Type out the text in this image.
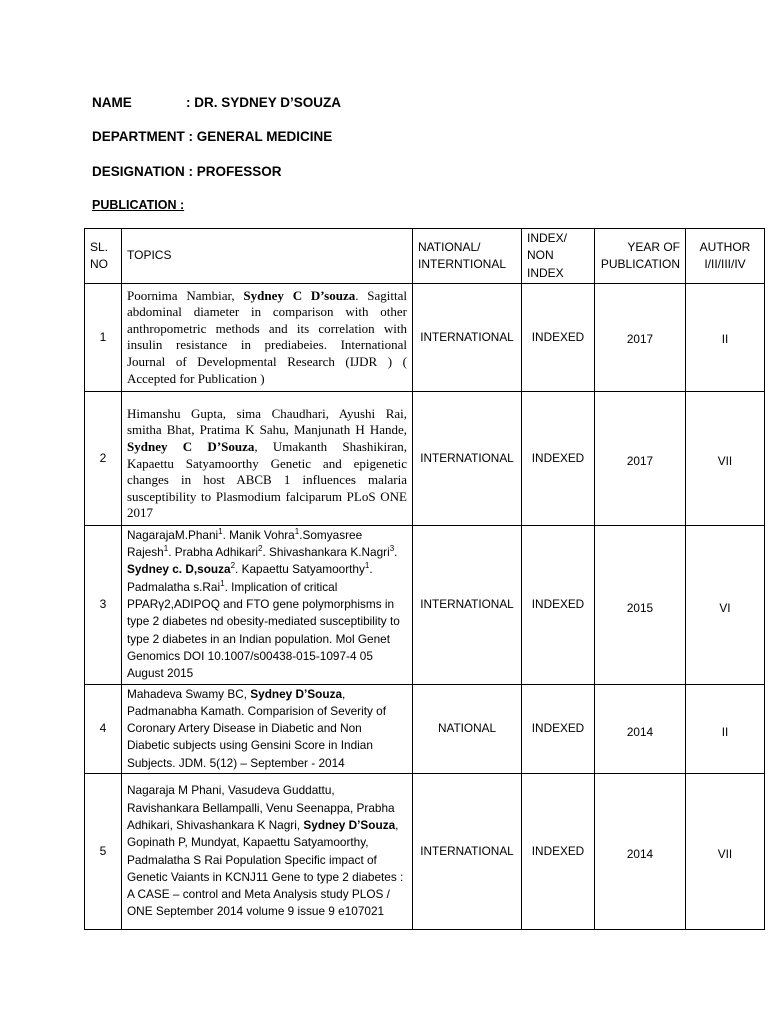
NAME	: DR. SYDNEY D’SOUZA
DEPARTMENT : GENERAL MEDICINE
DESIGNATION : PROFESSOR
PUBLICATION :
SL. NO	TOPICS	NATIONAL/ INTERNTIONAL	INDEX/ NON INDEX	YEAR OF PUBLICATION	AUTHOR I/II/III/IV
1	Poornima Nambiar, Sydney C D’souza. Sagittal abdominal diameter in comparison with other anthropometric methods and its correlation with insulin resistance in prediabeies. International Journal of Developmental Research (IJDR ) ( Accepted for Publication )	INTERNATIONAL	INDEXED	2017	II
2	Himanshu Gupta, sima Chaudhari, Ayushi Rai, smitha Bhat, Pratima K Sahu, Manjunath H Hande, Sydney C D’Souza, Umakanth Shashikiran, Kapaettu Satyamoorthy Genetic and epigenetic changes in host ABCB 1 influences malaria susceptibility to Plasmodium falciparum PLoS ONE 2017	INTERNATIONAL	INDEXED	2017	VII
3	NagarajaM.Phani$^1$. Manik Vohra$^1$.Somyasree Rajesh$^1$. Prabha Adhikari$^2$. Shivashankara K.Nagri$^3$. Sydney c. D,souza$^2$. Kapaettu Satyamoorthy$^1$. Padmalatha s.Rai$^1$. Implication of critical PPARγ2,ADIPOQ and FTO gene polymorphisms in type 2 diabetes nd obesity-mediated susceptibility to type 2 diabetes in an Indian population. Mol Genet Genomics DOI 10.1007/s00438-015-1097-4 05 August 2015	INTERNATIONAL	INDEXED	2015	VI
4	Mahadeva Swamy BC, Sydney D’Souza, Padmanabha Kamath. Comparision of Severity of Coronary Artery Disease in Diabetic and Non Diabetic subjects using Gensini Score in Indian Subjects. JDM. 5(12) – September - 2014	NATIONAL	INDEXED	2014	II
5	Nagaraja M Phani, Vasudeva Guddattu, Ravishankara Bellampalli, Venu Seenappa, Prabha Adhikari, Shivashankara K Nagri, Sydney D’Souza, Gopinath P, Mundyat, Kapaettu Satyamoorthy, Padmalatha S Rai Population Specific impact of Genetic Vaiants in KCNJ11 Gene to type 2 diabetes : A CASE – control and Meta Analysis study PLOS / ONE September 2014 volume 9 issue 9 e107021	INTERNATIONAL	INDEXED	2014	VII
